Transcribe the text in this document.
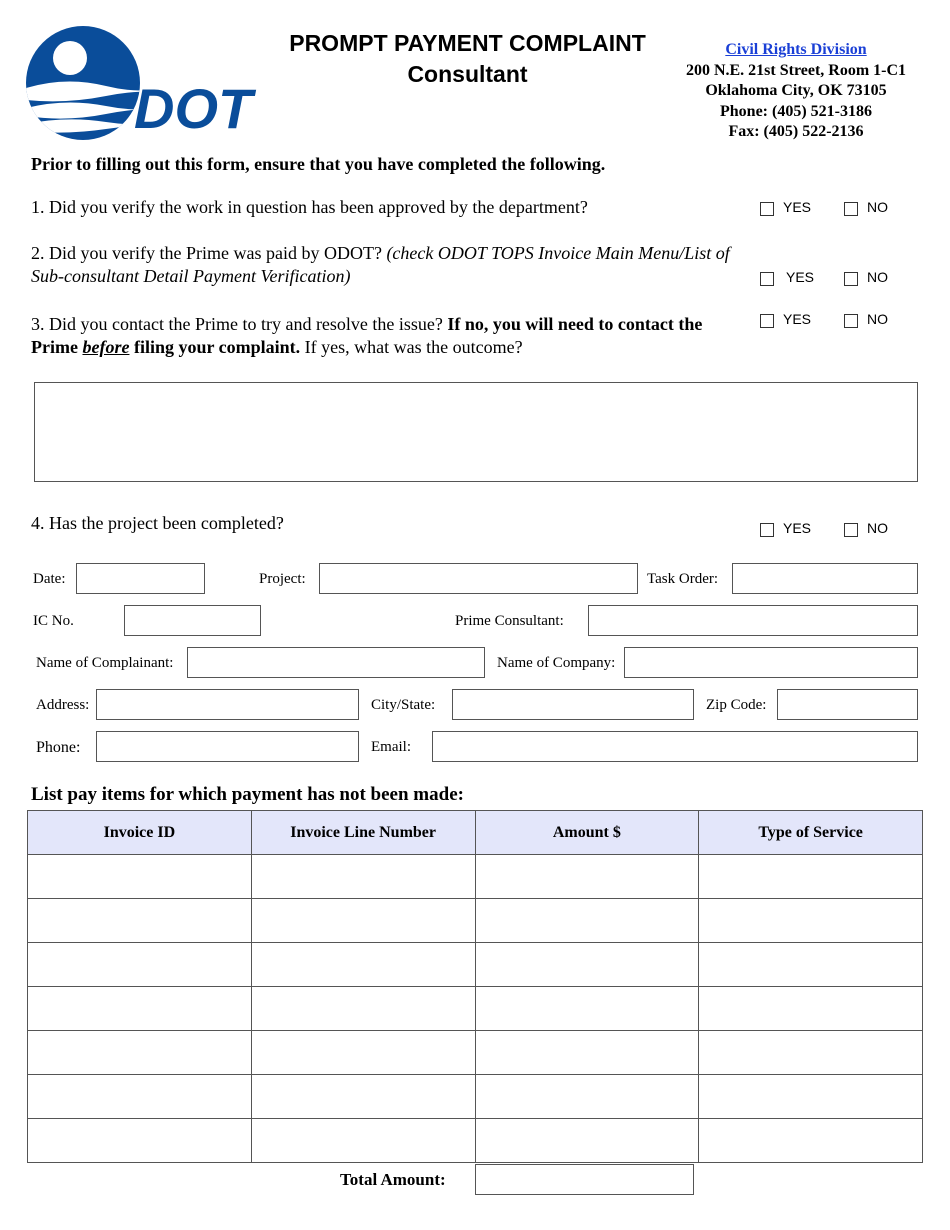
DOT
PROMPT PAYMENT COMPLAINT
Consultant
Civil Rights Division
200 N.E. 21st Street, Room 1-C1
Oklahoma City, OK 73105
Phone: (405) 521-3186
Fax: (405) 522-2136
Prior to filling out this form, ensure that you have completed the following.
1. Did you verify the work in question has been approved by the department?	YES	NO
2. Did you verify the Prime was paid by ODOT? (check ODOT TOPS Invoice Main Menu/List of Sub-consultant Detail Payment Verification)	YES	NO
3. Did you contact the Prime to try and resolve the issue? If no, you will need to contact the Prime before filing your complaint. If yes, what was the outcome?
YES	NO
4. Has the project been completed?	YES	NO
Date:	Project:	Task Order:
IC No.	Prime Consultant:
Name of Complainant:	Name of Company:
Address:	City/State:	Zip Code:
Phone:	Email:
List pay items for which payment has not been made:
Invoice ID	Invoice Line Number	Amount $	Type of Service

Total Amount:
